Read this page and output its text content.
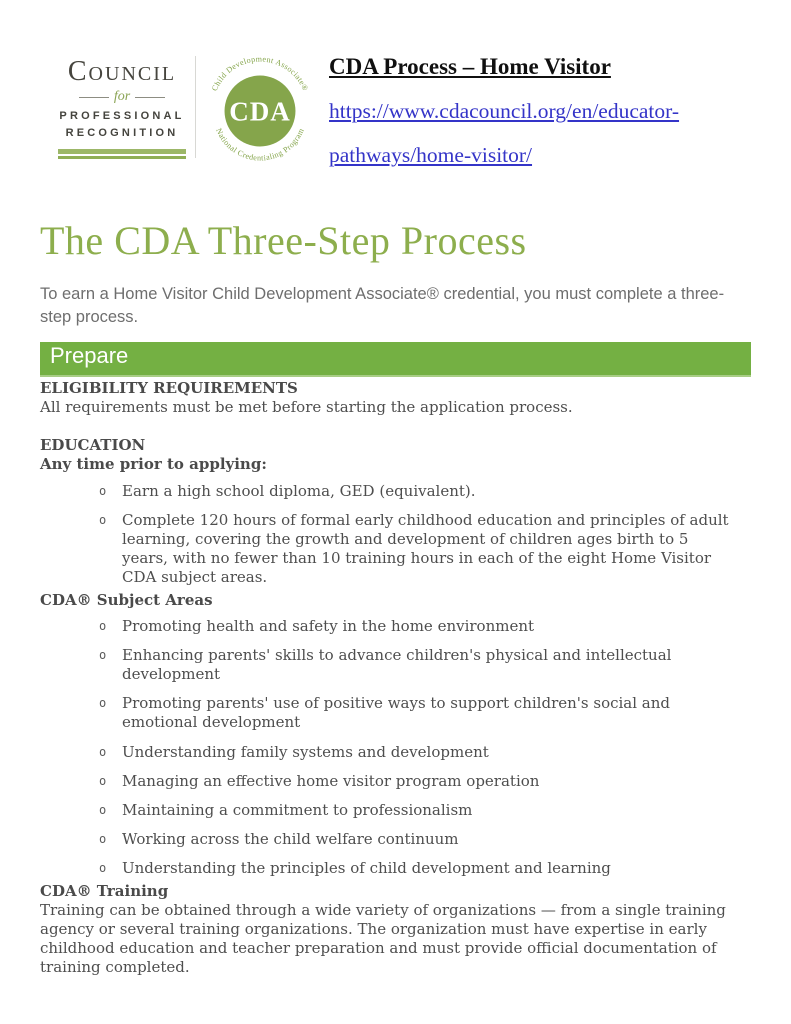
Council
for
PROFESSIONAL
RECOGNITION
Child Development Associate®
National Credentialing Program
CDA
CDA Process – Home Visitor
https://www.cdacouncil.org/en/educator-
pathways/home-visitor/
The CDA Three-Step Process

To earn a Home Visitor Child Development Associate® credential, you must complete a three-step process.

Prepare
ELIGIBILITY REQUIREMENTS

All requirements must be met before starting the application process.

EDUCATION
Any time prior to applying:
o	Earn a high school diploma, GED (equivalent).
o	Complete 120 hours of formal early childhood education and principles of adult learning, covering the growth and development of children ages birth to 5 years, with no fewer than 10 training hours in each of the eight Home Visitor CDA subject areas.
CDA® Subject Areas
o	Promoting health and safety in the home environment
o	Enhancing parents' skills to advance children's physical and intellectual development
o	Promoting parents' use of positive ways to support children's social and emotional development
o	Understanding family systems and development
o	Managing an effective home visitor program operation
o	Maintaining a commitment to professionalism
o	Working across the child welfare continuum
o	Understanding the principles of child development and learning
CDA® Training

Training can be obtained through a wide variety of organizations — from a single training agency or several training organizations. The organization must have expertise in early childhood education and teacher preparation and must provide official documentation of training completed.
